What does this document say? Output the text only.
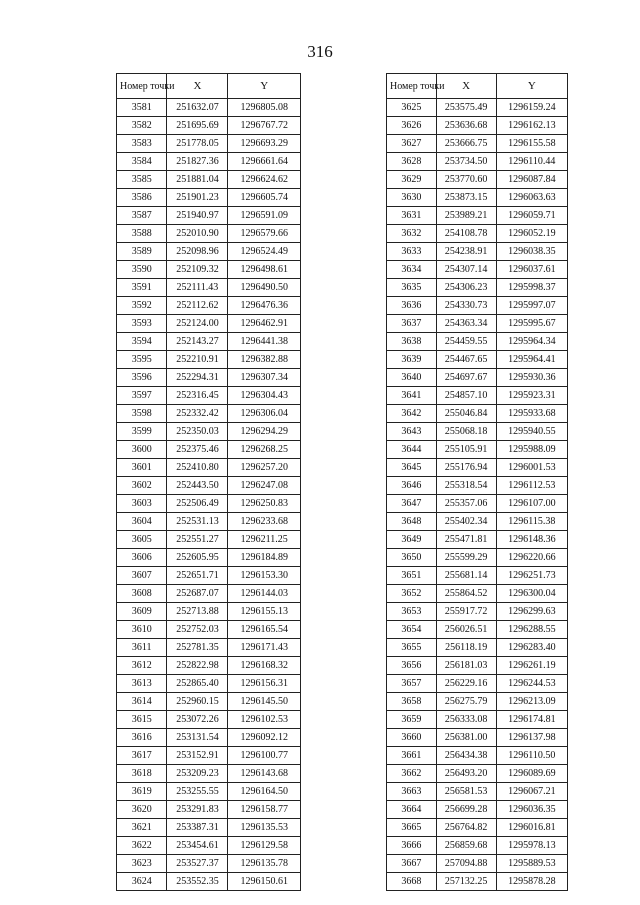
316
Номер точки	X	Y
3581	251632.07	1296805.08
3582	251695.69	1296767.72
3583	251778.05	1296693.29
3584	251827.36	1296661.64
3585	251881.04	1296624.62
3586	251901.23	1296605.74
3587	251940.97	1296591.09
3588	252010.90	1296579.66
3589	252098.96	1296524.49
3590	252109.32	1296498.61
3591	252111.43	1296490.50
3592	252112.62	1296476.36
3593	252124.00	1296462.91
3594	252143.27	1296441.38
3595	252210.91	1296382.88
3596	252294.31	1296307.34
3597	252316.45	1296304.43
3598	252332.42	1296306.04
3599	252350.03	1296294.29
3600	252375.46	1296268.25
3601	252410.80	1296257.20
3602	252443.50	1296247.08
3603	252506.49	1296250.83
3604	252531.13	1296233.68
3605	252551.27	1296211.25
3606	252605.95	1296184.89
3607	252651.71	1296153.30
3608	252687.07	1296144.03
3609	252713.88	1296155.13
3610	252752.03	1296165.54
3611	252781.35	1296171.43
3612	252822.98	1296168.32
3613	252865.40	1296156.31
3614	252960.15	1296145.50
3615	253072.26	1296102.53
3616	253131.54	1296092.12
3617	253152.91	1296100.77
3618	253209.23	1296143.68
3619	253255.55	1296164.50
3620	253291.83	1296158.77
3621	253387.31	1296135.53
3622	253454.61	1296129.58
3623	253527.37	1296135.78
3624	253552.35	1296150.61
Номер точки	X	Y
3625	253575.49	1296159.24
3626	253636.68	1296162.13
3627	253666.75	1296155.58
3628	253734.50	1296110.44
3629	253770.60	1296087.84
3630	253873.15	1296063.63
3631	253989.21	1296059.71
3632	254108.78	1296052.19
3633	254238.91	1296038.35
3634	254307.14	1296037.61
3635	254306.23	1295998.37
3636	254330.73	1295997.07
3637	254363.34	1295995.67
3638	254459.55	1295964.34
3639	254467.65	1295964.41
3640	254697.67	1295930.36
3641	254857.10	1295923.31
3642	255046.84	1295933.68
3643	255068.18	1295940.55
3644	255105.91	1295988.09
3645	255176.94	1296001.53
3646	255318.54	1296112.53
3647	255357.06	1296107.00
3648	255402.34	1296115.38
3649	255471.81	1296148.36
3650	255599.29	1296220.66
3651	255681.14	1296251.73
3652	255864.52	1296300.04
3653	255917.72	1296299.63
3654	256026.51	1296288.55
3655	256118.19	1296283.40
3656	256181.03	1296261.19
3657	256229.16	1296244.53
3658	256275.79	1296213.09
3659	256333.08	1296174.81
3660	256381.00	1296137.98
3661	256434.38	1296110.50
3662	256493.20	1296089.69
3663	256581.53	1296067.21
3664	256699.28	1296036.35
3665	256764.82	1296016.81
3666	256859.68	1295978.13
3667	257094.88	1295889.53
3668	257132.25	1295878.28
